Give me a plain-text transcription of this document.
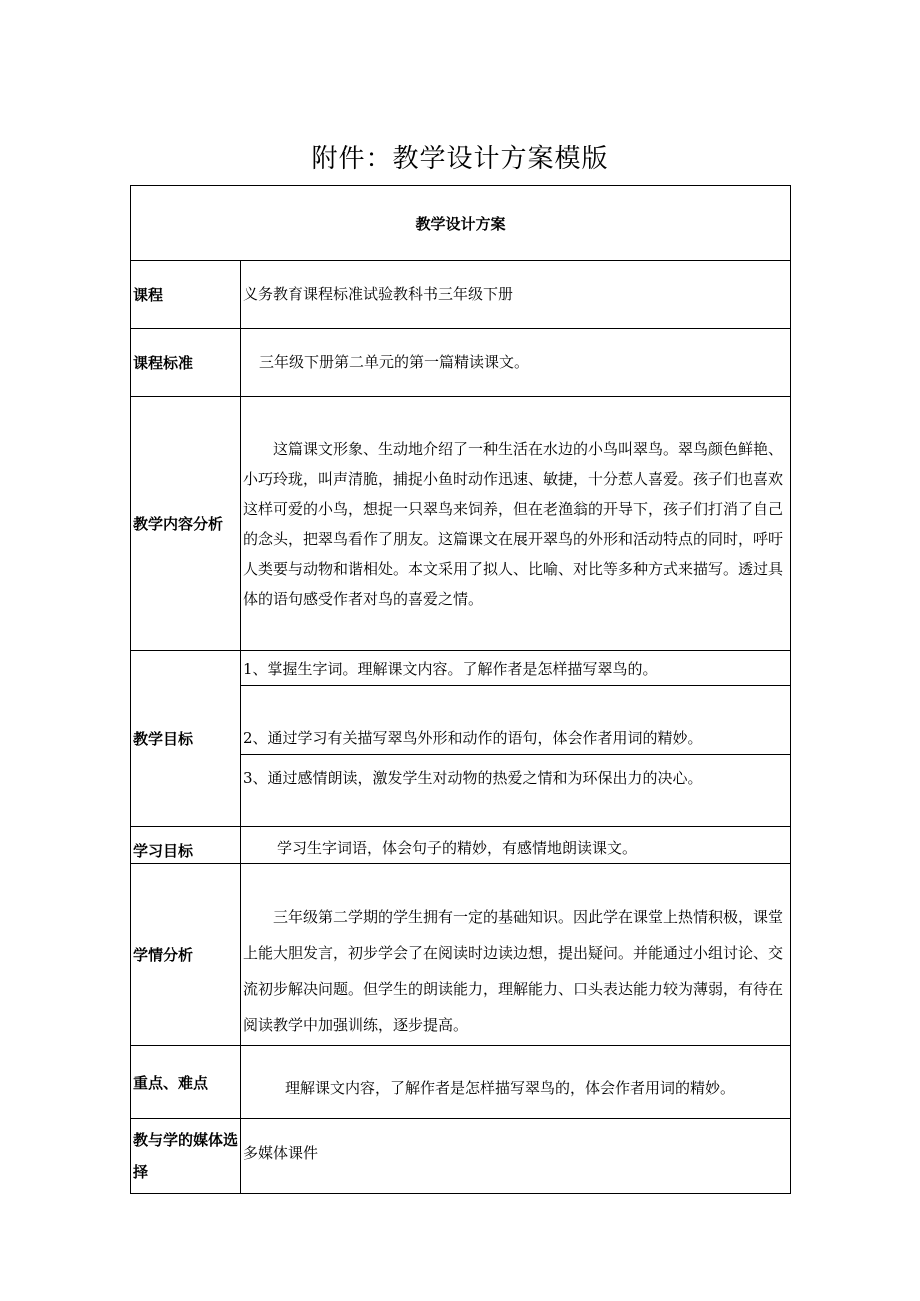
附件：教学设计方案模版
教学设计方案	
课程	义务教育课程标准试验教科书三年级下册
课程标准	三年级下册第二单元的第一篇精读课文。
教学内容分析	这篇课文形象、生动地介绍了一种生活在水边的小鸟叫翠鸟。翠鸟颜色鲜艳、小巧玲珑，叫声清脆，捕捉小鱼时动作迅速、敏捷，十分惹人喜爱。孩子们也喜欢这样可爱的小鸟，想捉一只翠鸟来饲养，但在老渔翁的开导下，孩子们打消了自己的念头，把翠鸟看作了朋友。这篇课文在展开翠鸟的外形和活动特点的同时，呼吁人类要与动物和谐相处。本文采用了拟人、比喻、对比等多种方式来描写。透过具体的语句感受作者对鸟的喜爱之情。
教学目标	1、掌握生字词。理解课文内容。了解作者是怎样描写翠鸟的。
	2、通过学习有关描写翠鸟外形和动作的语句，体会作者用词的精妙。
	3、通过感情朗读，激发学生对动物的热爱之情和为环保出力的决心。
学习目标	学习生字词语，体会句子的精妙，有感情地朗读课文。
学情分析	三年级第二学期的学生拥有一定的基础知识。因此学在课堂上热情积极，课堂上能大胆发言，初步学会了在阅读时边读边想，提出疑问。并能通过小组讨论、交流初步解决问题。但学生的朗读能力，理解能力、口头表达能力较为薄弱，有待在阅读教学中加强训练，逐步提高。
重点、难点	理解课文内容，了解作者是怎样描写翠鸟的，体会作者用词的精妙。
教与学的媒体选择	多媒体课件
